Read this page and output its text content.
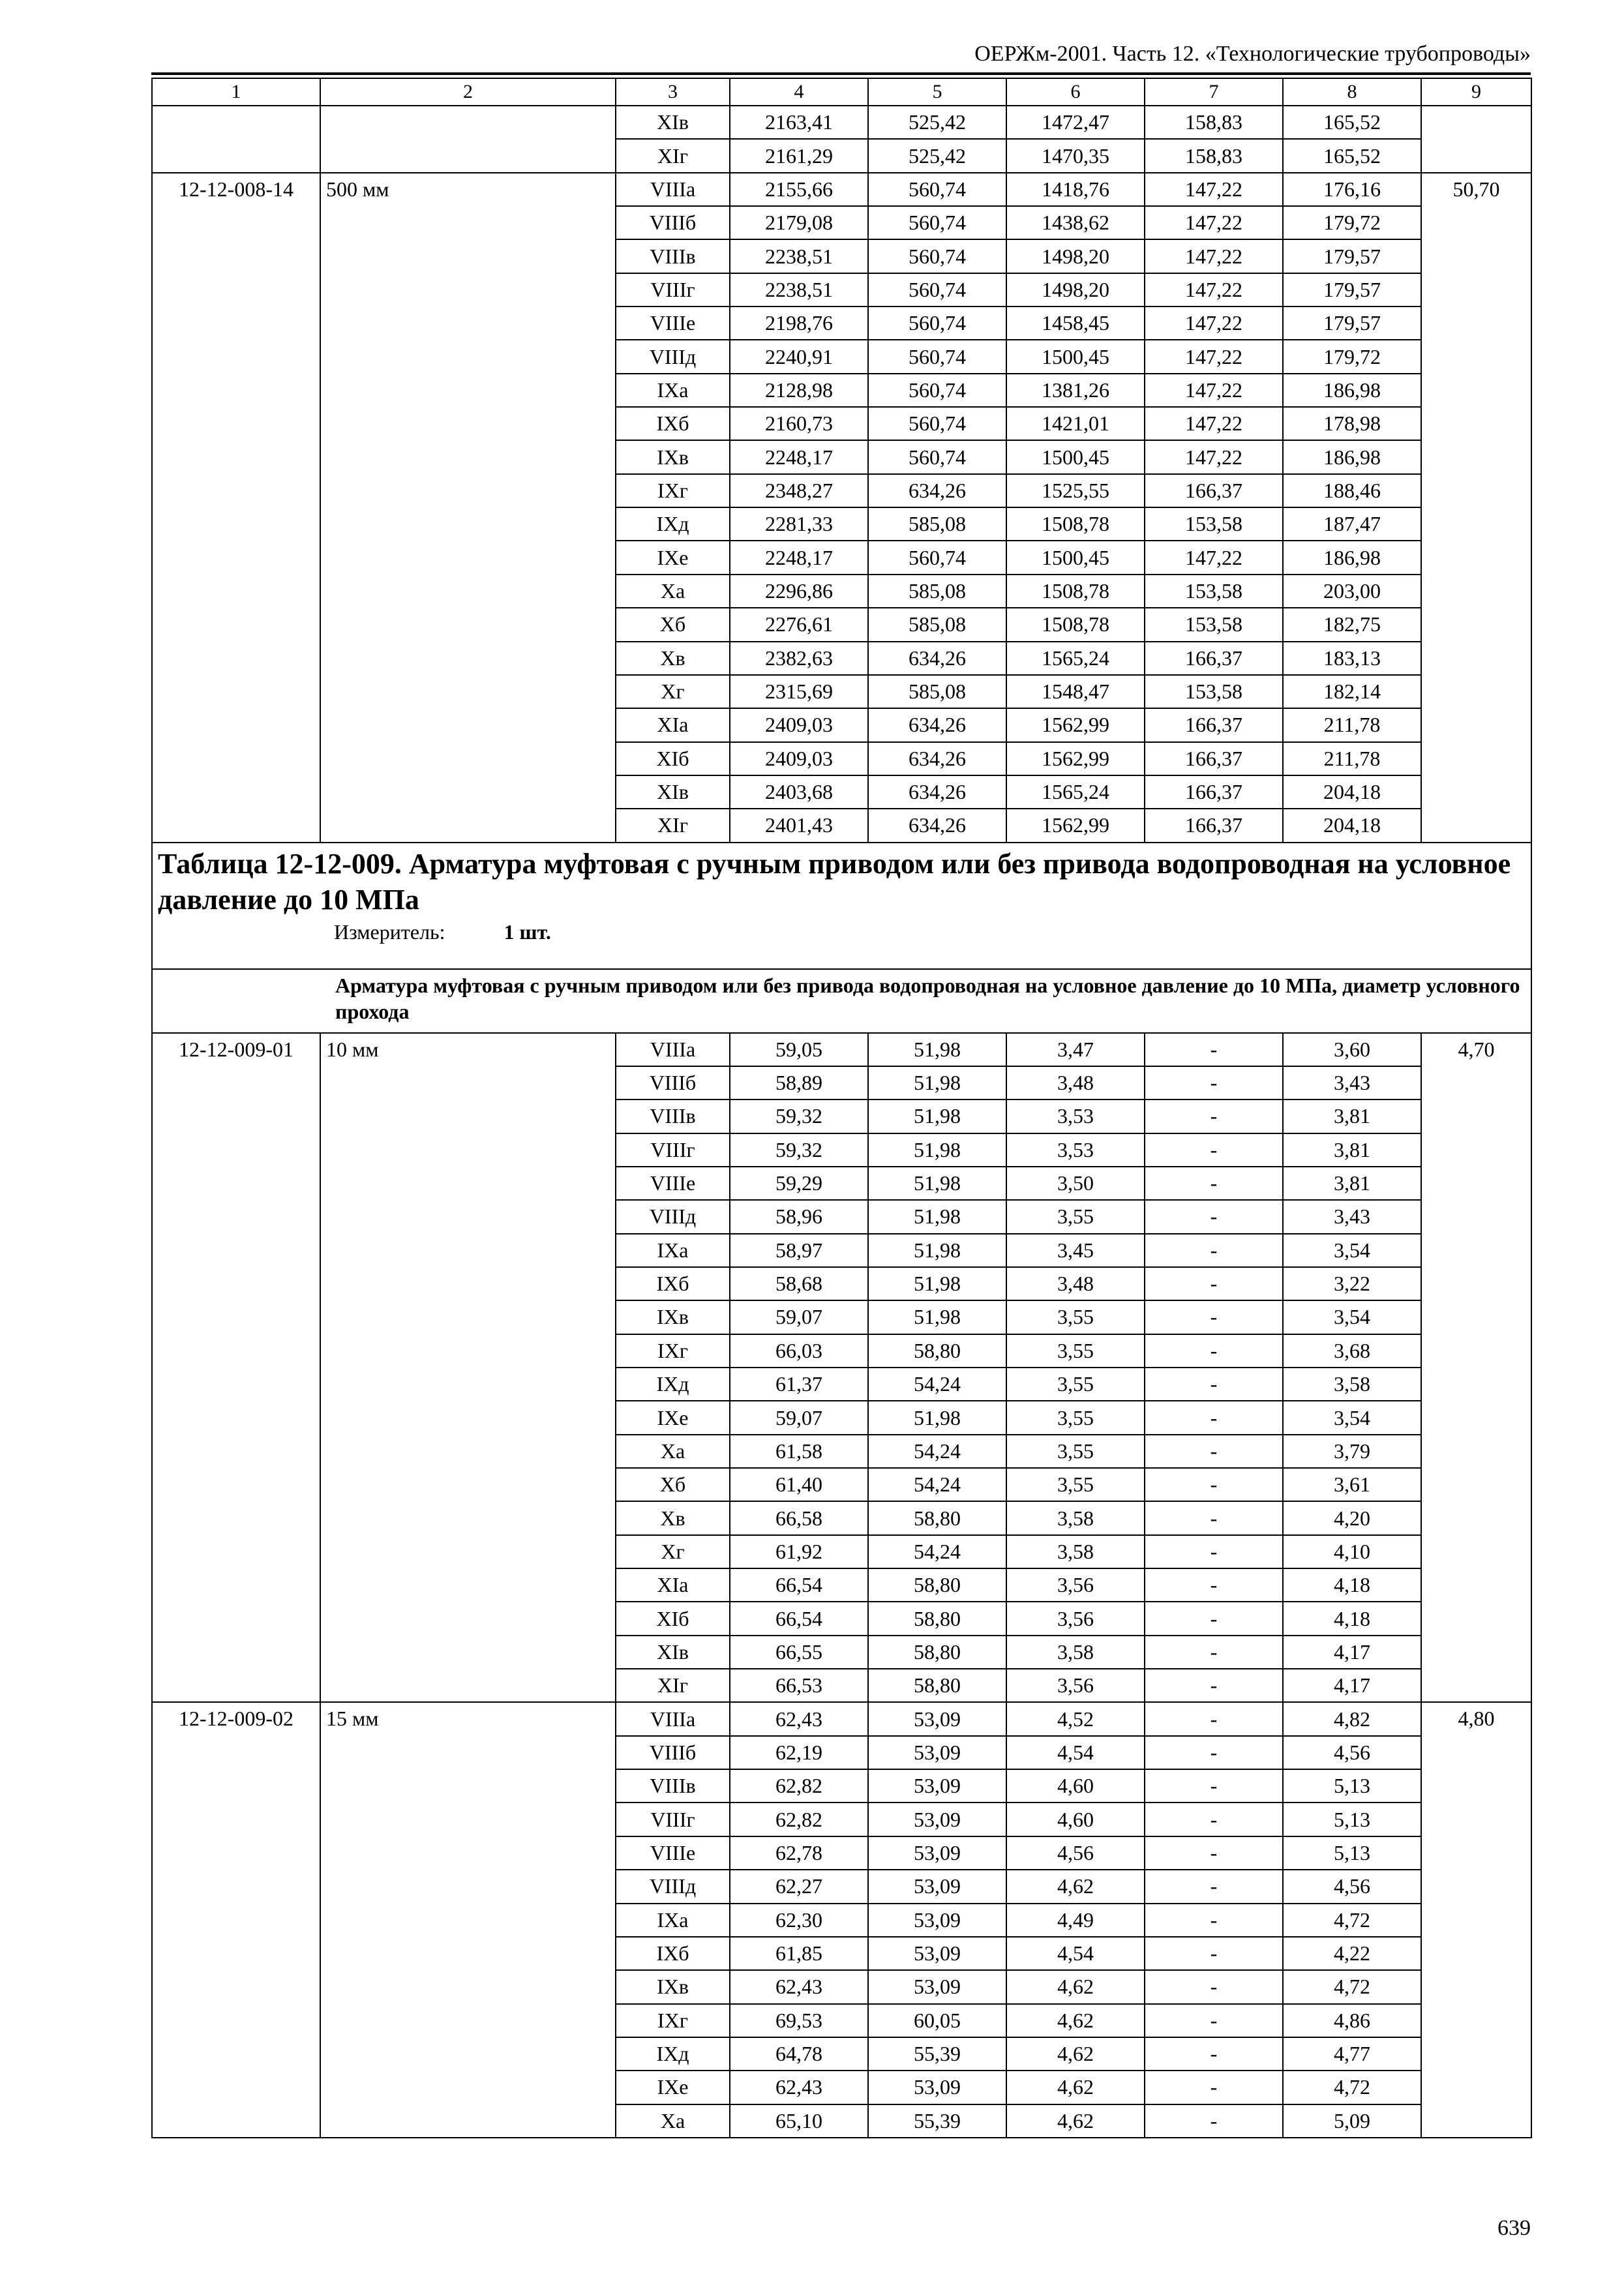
ОЕРЖм-2001. Часть 12. «Технологические трубопроводы»
1	2	3	4	5	6	7	8	9
		XIв	2163,41	525,42	1472,47	158,83	165,52	
		XIг	2161,29	525,42	1470,35	158,83	165,52	
12-12-008-14	500 мм	VIIIа	2155,66	560,74	1418,76	147,22	176,16	50,70
		VIIIб	2179,08	560,74	1438,62	147,22	179,72	
		VIIIв	2238,51	560,74	1498,20	147,22	179,57	
		VIIIг	2238,51	560,74	1498,20	147,22	179,57	
		VIIIе	2198,76	560,74	1458,45	147,22	179,57	
		VIIIд	2240,91	560,74	1500,45	147,22	179,72	
		IXа	2128,98	560,74	1381,26	147,22	186,98	
		IXб	2160,73	560,74	1421,01	147,22	178,98	
		IXв	2248,17	560,74	1500,45	147,22	186,98	
		IXг	2348,27	634,26	1525,55	166,37	188,46	
		IXд	2281,33	585,08	1508,78	153,58	187,47	
		IXе	2248,17	560,74	1500,45	147,22	186,98	
		Xа	2296,86	585,08	1508,78	153,58	203,00	
		Xб	2276,61	585,08	1508,78	153,58	182,75	
		Xв	2382,63	634,26	1565,24	166,37	183,13	
		Xг	2315,69	585,08	1548,47	153,58	182,14	
		XIа	2409,03	634,26	1562,99	166,37	211,78	
		XIб	2409,03	634,26	1562,99	166,37	211,78	
		XIв	2403,68	634,26	1565,24	166,37	204,18	
		XIг	2401,43	634,26	1562,99	166,37	204,18	

Таблица 12-12-009. Арматура муфтовая с ручным приводом или без привода водопроводная на условное давление до 10 МПа
Измеритель: 1 шт.								

Арматура муфтовая с ручным приводом или без привода водопроводная на условное давление до 10 МПа, диаметр условного прохода								
12-12-009-01	10 мм	VIIIа	59,05	51,98	3,47	-	3,60	4,70
		VIIIб	58,89	51,98	3,48	-	3,43	
		VIIIв	59,32	51,98	3,53	-	3,81	
		VIIIг	59,32	51,98	3,53	-	3,81	
		VIIIе	59,29	51,98	3,50	-	3,81	
		VIIIд	58,96	51,98	3,55	-	3,43	
		IXа	58,97	51,98	3,45	-	3,54	
		IXб	58,68	51,98	3,48	-	3,22	
		IXв	59,07	51,98	3,55	-	3,54	
		IXг	66,03	58,80	3,55	-	3,68	
		IXд	61,37	54,24	3,55	-	3,58	
		IXе	59,07	51,98	3,55	-	3,54	
		Xа	61,58	54,24	3,55	-	3,79	
		Xб	61,40	54,24	3,55	-	3,61	
		Xв	66,58	58,80	3,58	-	4,20	
		Xг	61,92	54,24	3,58	-	4,10	
		XIа	66,54	58,80	3,56	-	4,18	
		XIб	66,54	58,80	3,56	-	4,18	
		XIв	66,55	58,80	3,58	-	4,17	
		XIг	66,53	58,80	3,56	-	4,17	
12-12-009-02	15 мм	VIIIа	62,43	53,09	4,52	-	4,82	4,80
		VIIIб	62,19	53,09	4,54	-	4,56	
		VIIIв	62,82	53,09	4,60	-	5,13	
		VIIIг	62,82	53,09	4,60	-	5,13	
		VIIIе	62,78	53,09	4,56	-	5,13	
		VIIIд	62,27	53,09	4,62	-	4,56	
		IXа	62,30	53,09	4,49	-	4,72	
		IXб	61,85	53,09	4,54	-	4,22	
		IXв	62,43	53,09	4,62	-	4,72	
		IXг	69,53	60,05	4,62	-	4,86	
		IXд	64,78	55,39	4,62	-	4,77	
		IXе	62,43	53,09	4,62	-	4,72	
		Xа	65,10	55,39	4,62	-	5,09	
639
